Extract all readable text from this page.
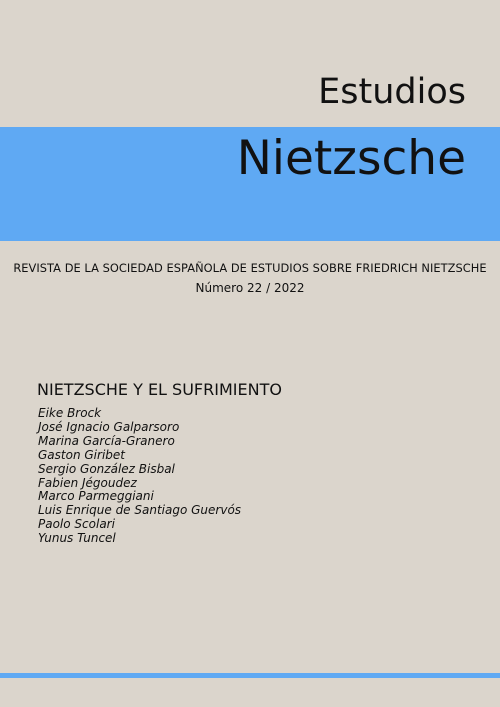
Estudios
Nietzsche
REVISTA DE LA SOCIEDAD ESPAÑOLA DE ESTUDIOS SOBRE FRIEDRICH NIETZSCHE
Número 22 / 2022
NIETZSCHE Y EL SUFRIMIENTO
Eike Brock
José Ignacio Galparsoro
Marina García-Granero
Gaston Giribet
Sergio González Bisbal
Fabien Jégoudez
Marco Parmeggiani
Luis Enrique de Santiago Guervós
Paolo Scolari
Yunus Tuncel
